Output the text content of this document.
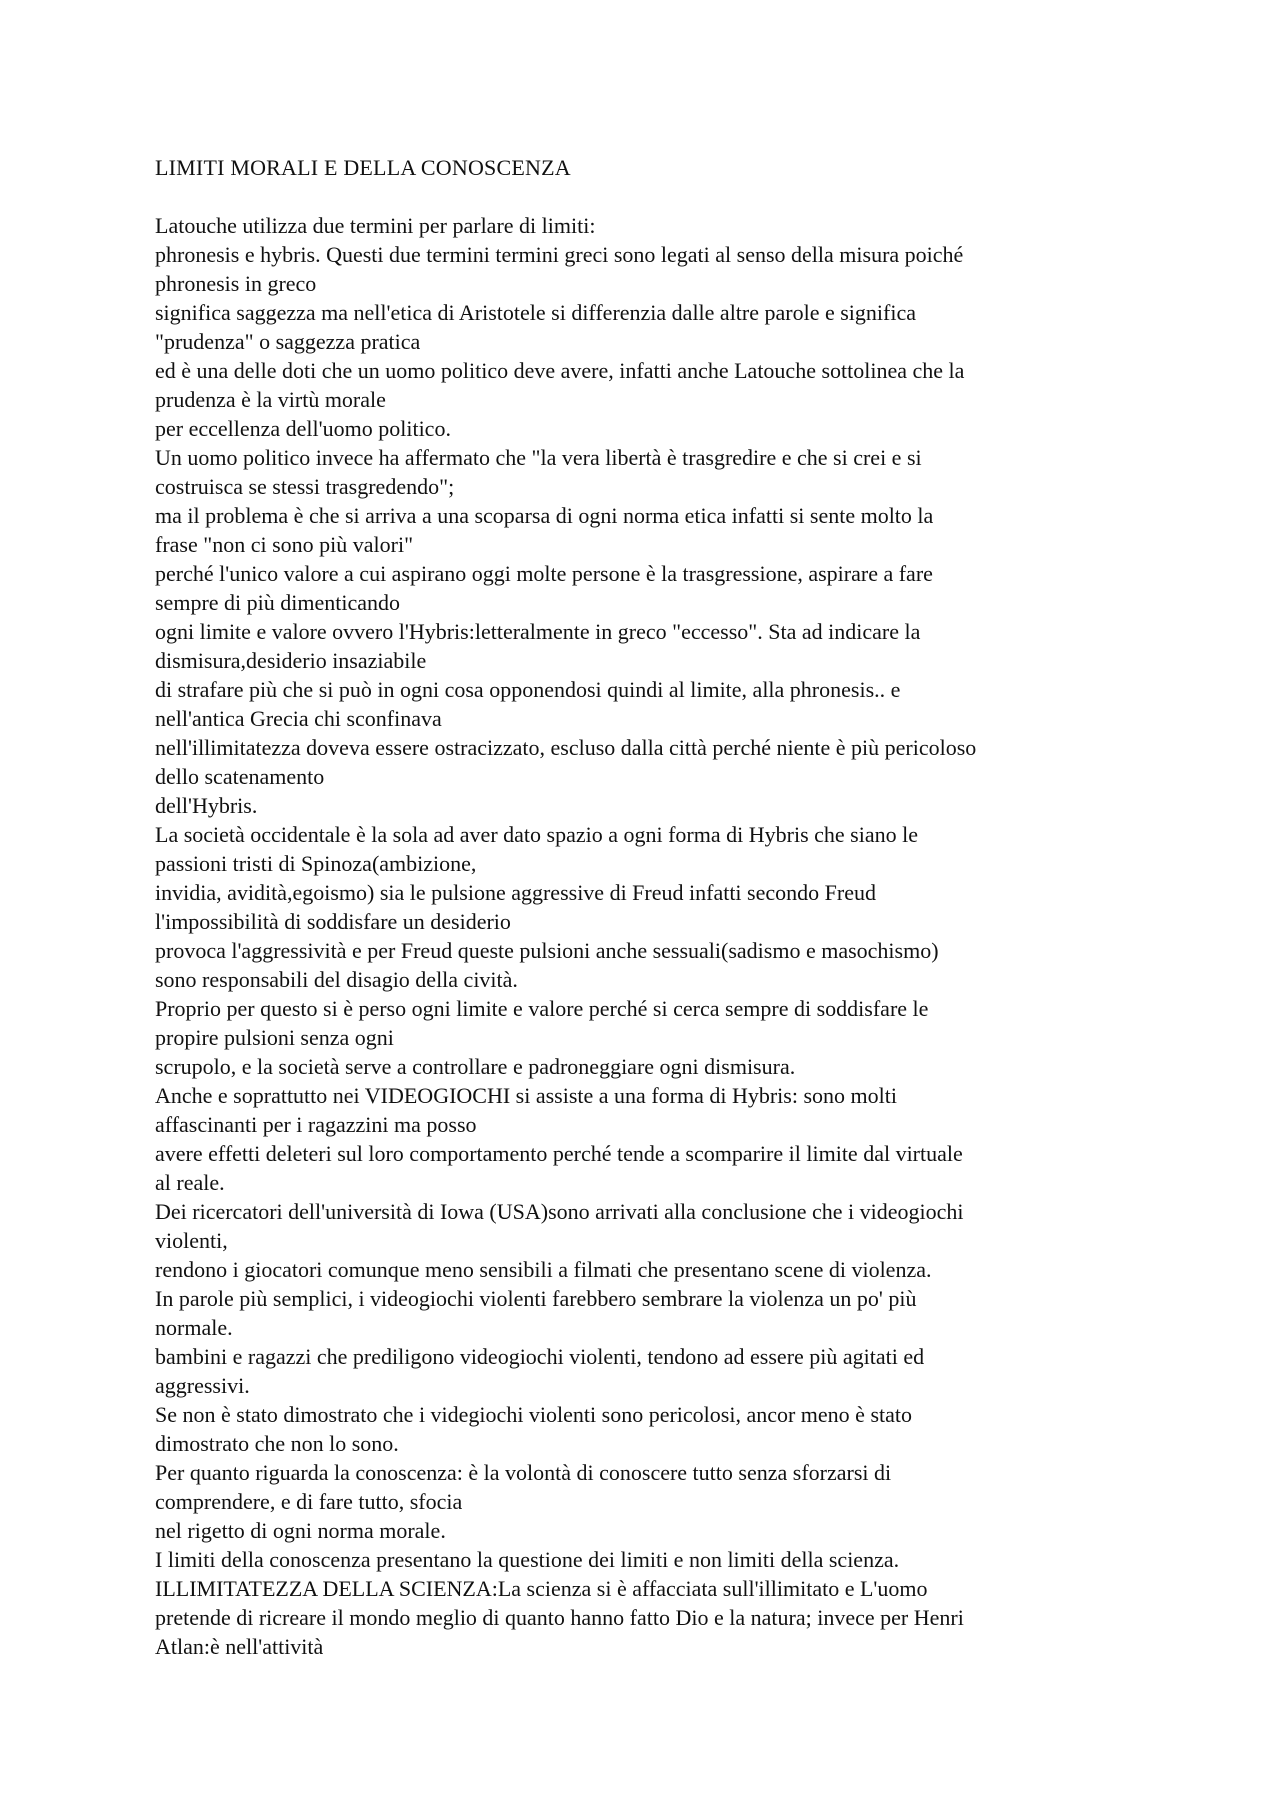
LIMITI MORALI E DELLA CONOSCENZA
Latouche utilizza due termini per parlare di limiti:
phronesis e hybris. Questi due termini termini greci sono legati al senso della misura poiché
phronesis in greco
significa saggezza ma nell'etica di Aristotele si differenzia dalle altre parole e significa
"prudenza" o saggezza pratica
ed è una delle doti che un uomo politico deve avere, infatti anche Latouche sottolinea che la
prudenza è la virtù morale
per eccellenza dell'uomo politico.
Un uomo politico invece ha affermato che "la vera libertà è trasgredire e che si crei e si
costruisca se stessi trasgredendo";
ma il problema è che si arriva a una scoparsa di ogni norma etica infatti si sente molto la
frase "non ci sono più valori"
perché l'unico valore a cui aspirano oggi molte persone è la trasgressione, aspirare a fare
sempre di più dimenticando
ogni limite e valore ovvero l'Hybris:letteralmente in greco "eccesso". Sta ad indicare la
dismisura,desiderio insaziabile
di strafare più che si può in ogni cosa opponendosi quindi al limite, alla phronesis.. e
nell'antica Grecia chi sconfinava
nell'illimitatezza doveva essere ostracizzato, escluso dalla città perché niente è più pericoloso
dello scatenamento
dell'Hybris.
La società occidentale è la sola ad aver dato spazio a ogni forma di Hybris che siano le
passioni tristi di Spinoza(ambizione,
invidia, avidità,egoismo) sia le pulsione aggressive di Freud infatti secondo Freud
l'impossibilità di soddisfare un desiderio
provoca l'aggressività e per Freud queste pulsioni anche sessuali(sadismo e masochismo)
sono responsabili del disagio della cività.
Proprio per questo si è perso ogni limite e valore perché si cerca sempre di soddisfare le
propire pulsioni senza ogni
scrupolo, e la società serve a controllare e padroneggiare ogni dismisura.
Anche e soprattutto nei VIDEOGIOCHI si assiste a una forma di Hybris: sono molti
affascinanti per i ragazzini ma posso
avere effetti deleteri sul loro comportamento perché tende a scomparire il limite dal virtuale
al reale.
Dei ricercatori dell'università di Iowa (USA)sono arrivati alla conclusione che i videogiochi
violenti,
rendono i giocatori comunque meno sensibili a filmati che presentano scene di violenza.
In parole più semplici, i videogiochi violenti farebbero sembrare la violenza un po' più
normale.
bambini e ragazzi che prediligono videogiochi violenti, tendono ad essere più agitati ed
aggressivi.
Se non è stato dimostrato che i videgiochi violenti sono pericolosi, ancor meno è stato
dimostrato che non lo sono.
Per quanto riguarda la conoscenza: è la volontà di conoscere tutto senza sforzarsi di
comprendere, e di fare tutto, sfocia
nel rigetto di ogni norma morale.
I limiti della conoscenza presentano la questione dei limiti e non limiti della scienza.
ILLIMITATEZZA DELLA SCIENZA:La scienza si è affacciata sull'illimitato e L'uomo
pretende di ricreare il mondo meglio di quanto hanno fatto Dio e la natura; invece per Henri
Atlan:è nell'attività
